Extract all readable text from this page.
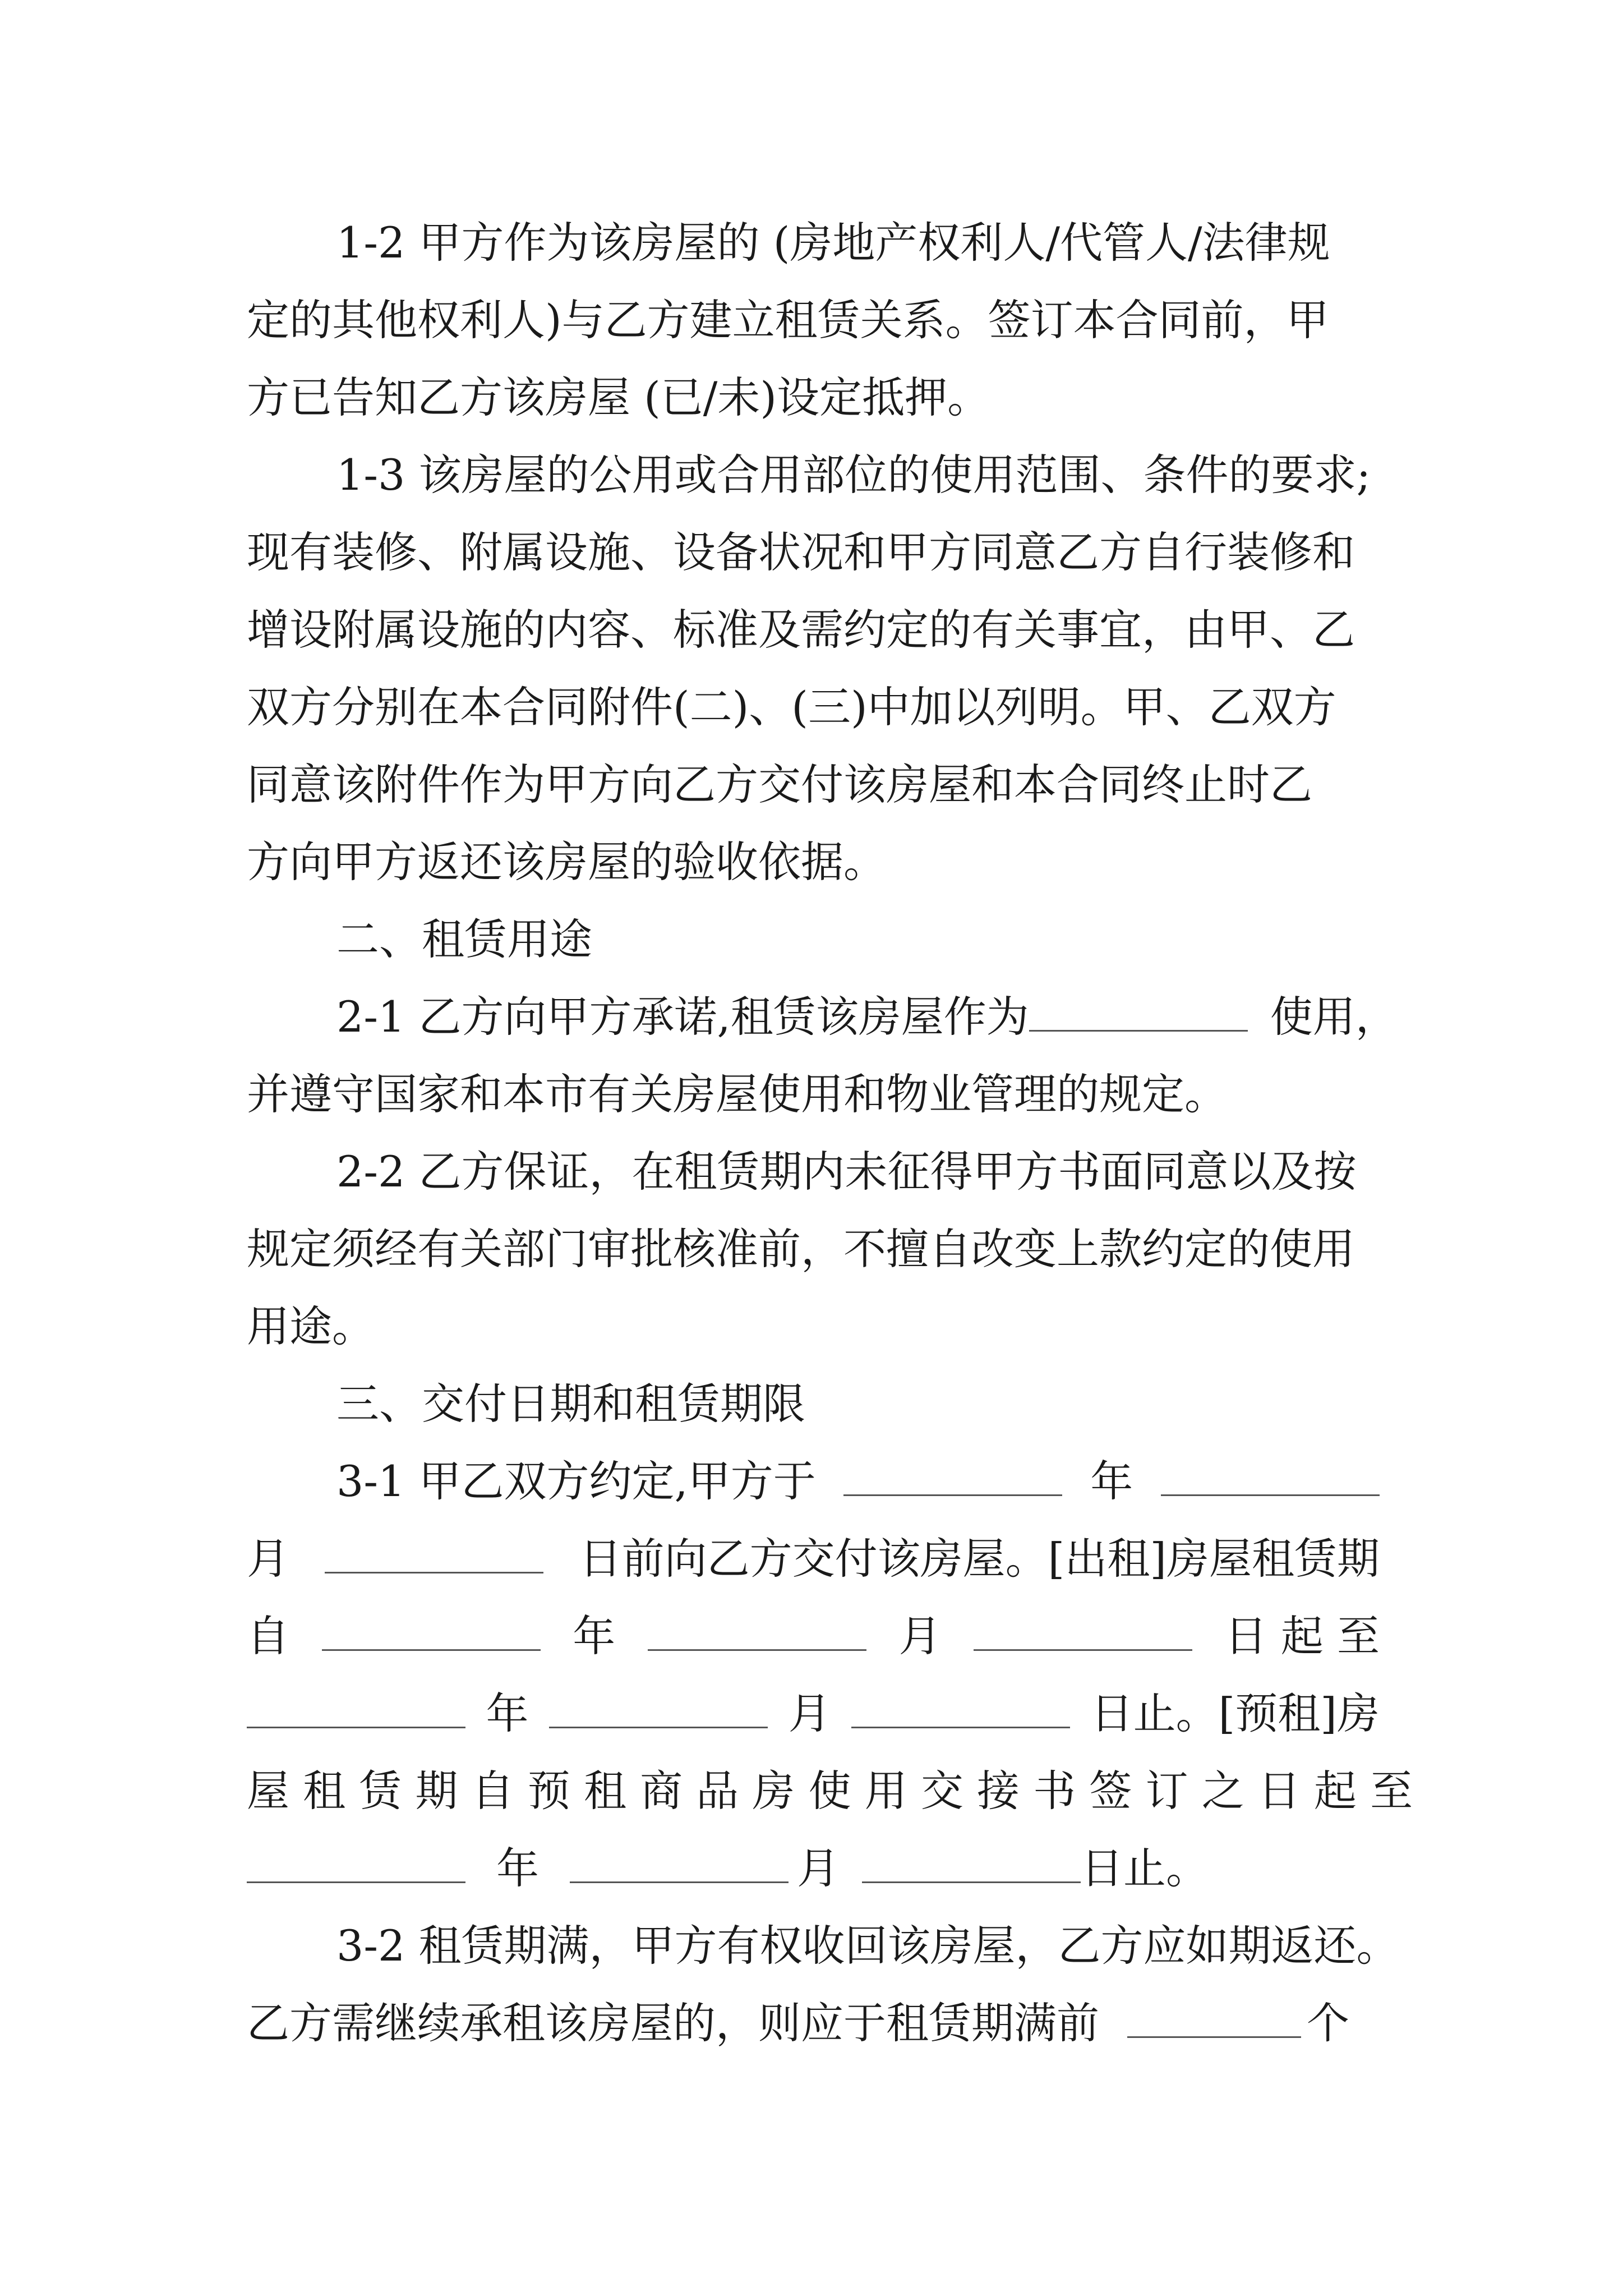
1-2 甲方作为该房屋的 (房地产权利人/代管人/法律规
定的其他权利人)与乙方建立租赁关系。签订本合同前，甲
方已告知乙方该房屋 (已/未)设定抵押。
1-3 该房屋的公用或合用部位的使用范围、条件的要求;
现有装修、附属设施、设备状况和甲方同意乙方自行装修和
增设附属设施的内容、标准及需约定的有关事宜，由甲、乙
双方分别在本合同附件(二)、(三)中加以列明。甲、乙双方
同意该附件作为甲方向乙方交付该房屋和本合同终止时乙
方向甲方返还该房屋的验收依据。
二、租赁用途
2-1 乙方向甲方承诺,租赁该房屋作为	使用，
并遵守国家和本市有关房屋使用和物业管理的规定。
2-2 乙方保证，在租赁期内未征得甲方书面同意以及按
规定须经有关部门审批核准前，不擅自改变上款约定的使用
用途。
三、交付日期和租赁期限
3-1 甲乙双方约定,甲方于	年
月	日前向乙方交付该房屋。[出租]房屋租赁期
自	年	月	日 起 至
年	月	日止。[预租]房
屋 租 赁 期 自 预 租 商 品 房 使 用 交 接 书 签 订 之 日 起 至
年	月	日止。
3-2 租赁期满，甲方有权收回该房屋，乙方应如期返还。
乙方需继续承租该房屋的，则应于租赁期满前	个
